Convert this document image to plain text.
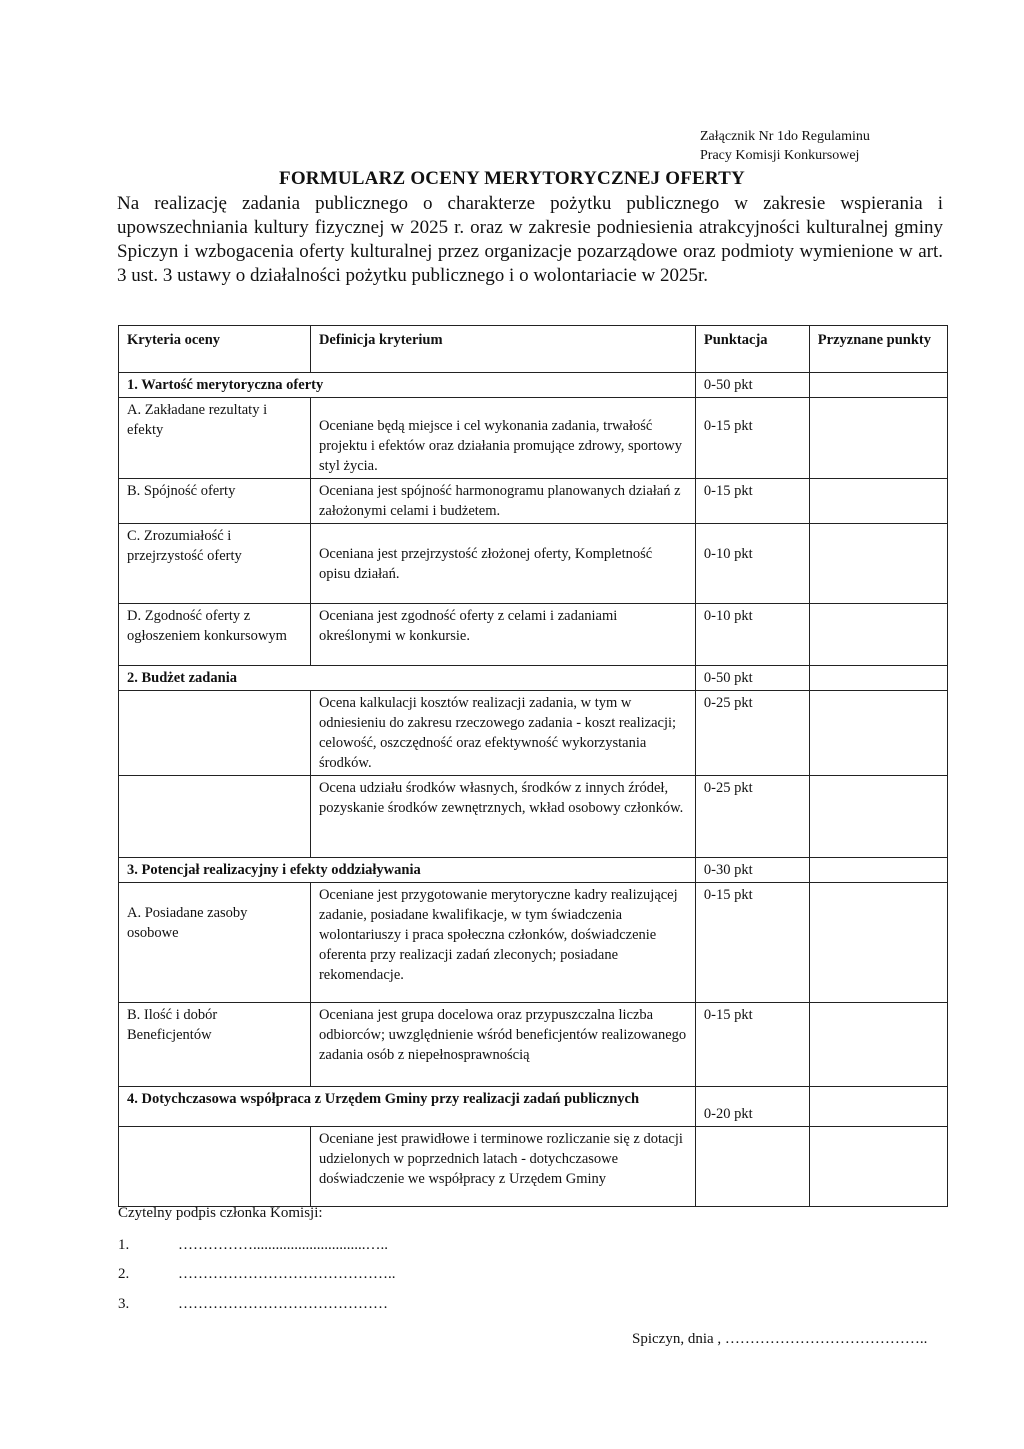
Załącznik Nr 1do Regulaminu
Pracy Komisji Konkursowej
FORMULARZ OCENY MERYTORYCZNEJ OFERTY
Na realizację zadania publicznego o charakterze pożytku publicznego w zakresie wspierania i upowszechniania kultury fizycznej w 2025 r. oraz w zakresie podniesienia atrakcyjności kulturalnej gminy Spiczyn i wzbogacenia oferty kulturalnej przez organizacje pozarządowe oraz podmioty wymienione w art. 3 ust. 3 ustawy o działalności pożytku publicznego i o wolontariacie w 2025r.
Kryteria oceny	Definicja kryterium	Punktacja	Przyznane punkty
1. Wartość merytoryczna oferty		0-50 pkt	
A. Zakładane rezultaty i efekty	Oceniane będą miejsce i cel wykonania zadania, trwałość projektu i efektów oraz działania promujące zdrowy, sportowy styl życia.	0-15 pkt	

B. Spójność oferty	Oceniana jest spójność harmonogramu planowanych działań z założonymi celami i budżetem.	0-15 pkt	
C. Zrozumiałość i przejrzystość oferty	Oceniana jest przejrzystość złożonej oferty, Kompletność opisu działań.	0-10 pkt	

D. Zgodność oferty z ogłoszeniem konkursowym	Oceniana jest zgodność oferty z celami i zadaniami określonymi w konkursie.	0-10 pkt	
2. Budżet zadania		0-50 pkt	
	Ocena kalkulacji kosztów realizacji zadania, w tym w odniesieniu do zakresu rzeczowego zadania - koszt realizacji; celowość, oszczędność oraz efektywność wykorzystania środków.	0-25 pkt	
	Ocena udziału środków własnych, środków z innych źródeł, pozyskanie środków zewnętrznych, wkład osobowy członków.	0-25 pkt	
3. Potencjał realizacyjny i efekty oddziaływania		0-30 pkt	

A. Posiadane zasoby osobowe	Oceniane jest przygotowanie merytoryczne kadry realizującej zadanie, posiadane kwalifikacje, w tym świadczenia wolontariuszy i praca społeczna członków, doświadczenie oferenta przy realizacji zadań zleconych; posiadane rekomendacje.	0-15 pkt	
B. Ilość i dobór Beneficjentów	Oceniana jest grupa docelowa oraz przypuszczalna liczba odbiorców; uwzględnienie wśród beneficjentów realizowanego zadania osób z niepełnosprawnością	0-15 pkt	
4. Dotychczasowa współpraca z Urzędem Gminy przy realizacji zadań publicznych		0-20 pkt	
	Oceniane jest prawidłowe i terminowe rozliczanie się z dotacji udzielonych w poprzednich latach - dotychczasowe doświadczenie we współpracy z Urzędem Gminy		
Czytelny podpis członka Komisji:
1.	……………..............................…..
2.	……………………………………..
3.	……………………………………
Spiczyn, dnia , …………………………………..
